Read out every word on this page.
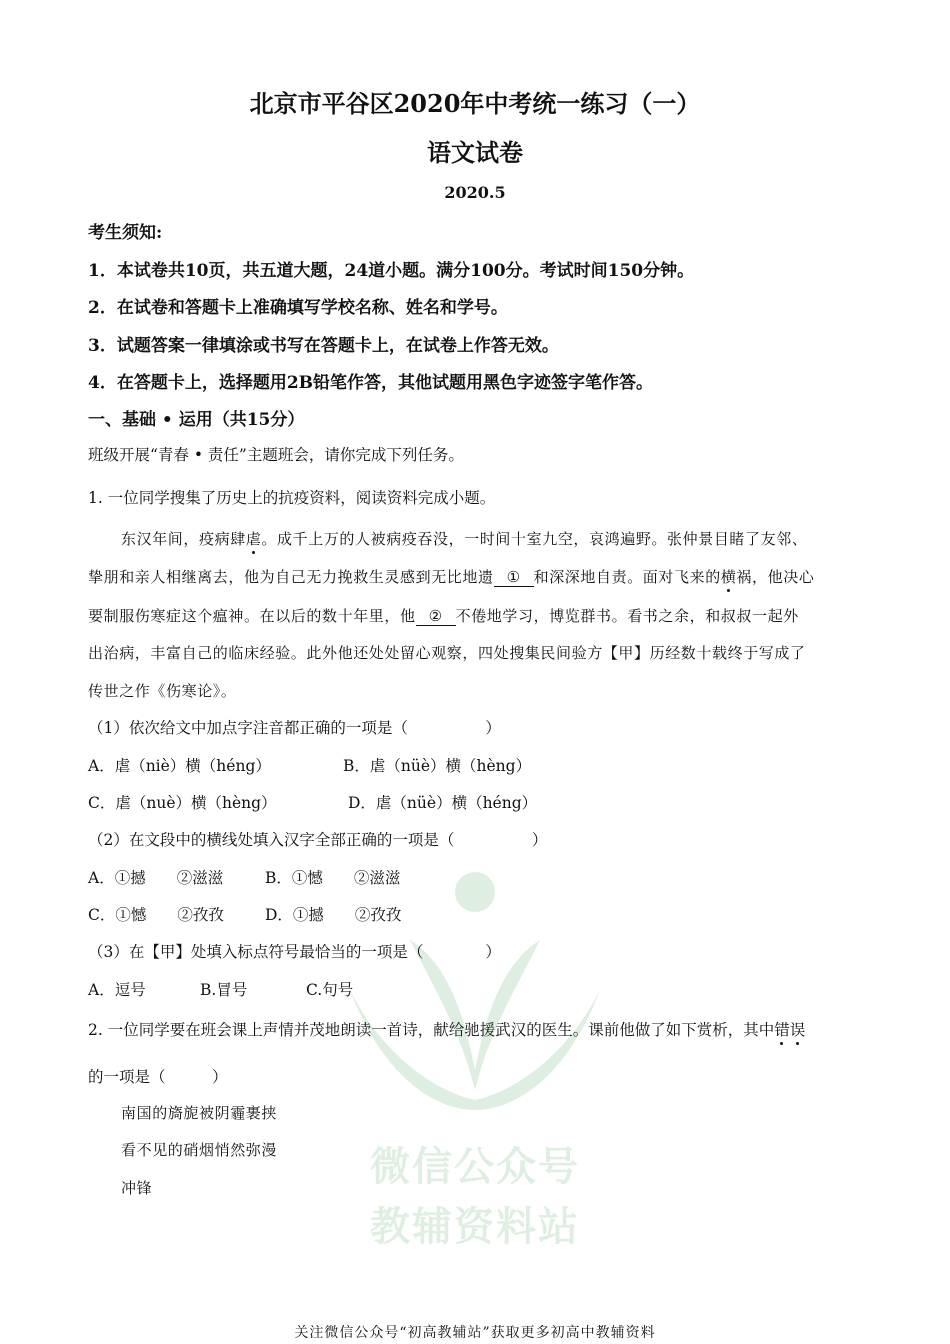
微信公众号
教辅资料站
北京市平谷区2020年中考统一练习（一）
语文试卷
2020.5
考生须知:
1．本试卷共10页，共五道大题，24道小题。满分100分。考试时间150分钟。
2．在试卷和答题卡上准确填写学校名称、姓名和学号。
3．试题答案一律填涂或书写在答题卡上，在试卷上作答无效。
4．在答题卡上，选择题用2B铅笔作答，其他试题用黑色字迹签字笔作答。
一、基础 • 运用（共15分）
班级开展“青春 • 责任”主题班会，请你完成下列任务。
1. 一位同学搜集了历史上的抗疫资料，阅读资料完成小题。
东汉年间，疫病肆虐。成千上万的人被病疫吞没，一时间十室九空，哀鸿遍野。张仲景目睹了友邻、
挚朋和亲人相继离去，他为自己无力挽救生灵感到无比地遗 ① 和深深地自责。面对飞来的横祸，他决心
要制服伤寒症这个瘟神。在以后的数十年里，他 ② 不倦地学习，博览群书。看书之余，和叔叔一起外
出治病，丰富自己的临床经验。此外他还处处留心观察，四处搜集民间验方【甲】历经数十载终于写成了
传世之作《伤寒论》。
（1）依次给文中加点字注音都正确的一项是（　　　　　）
A．虐（niè）横（héng）	B．虐（nüè）横（hèng）
C．虐（nuè）横（hèng）	D．虐（nüè）横（héng）
（2）在文段中的横线处填入汉字全部正确的一项是（　　　　　）
A．①撼　　②滋滋	B．①憾　　②滋滋
C．①憾　　②孜孜	D．①撼　　②孜孜
（3）在【甲】处填入标点符号最恰当的一项是（　　　　）
A．逗号	B.冒号	C.句号
2. 一位同学要在班会课上声情并茂地朗读一首诗，献给驰援武汉的医生。课前他做了如下赏析，其中错误
的一项是（　　　）
南国的旖旎被阴霾裹挟
看不见的硝烟悄然弥漫
冲锋
关注微信公众号“初高教辅站”获取更多初高中教辅资料
